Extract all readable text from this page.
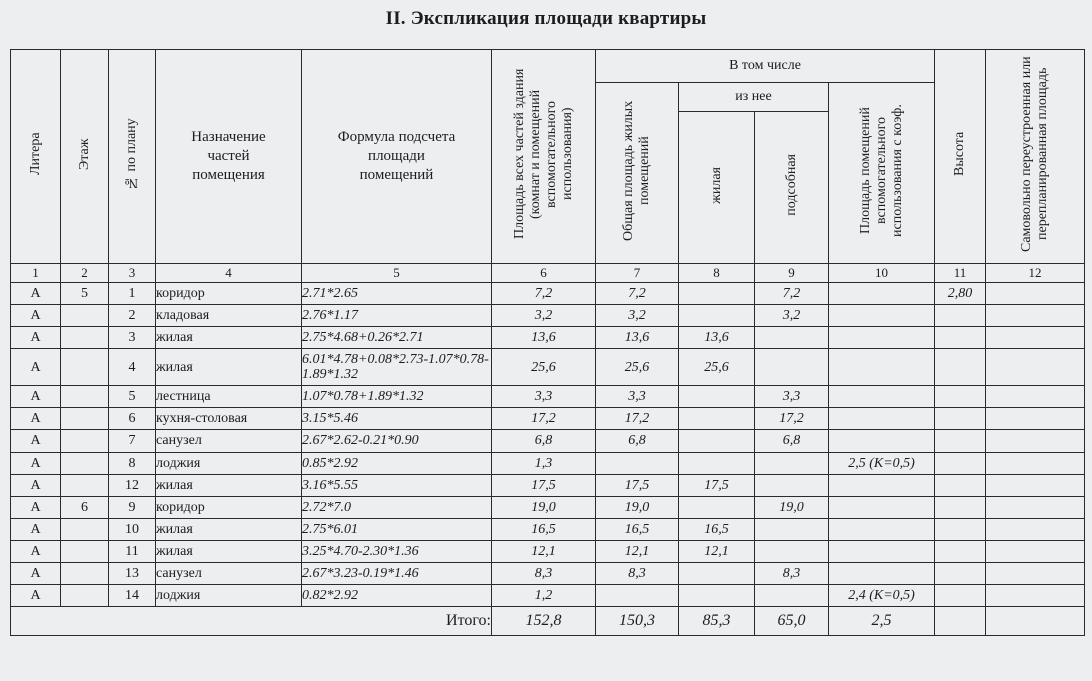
II. Экспликация площади квартиры
Литера	Этаж	№ по плану	Назначение частей помещения	Формула подсчета площади помещений	Площадь всех частей здания (комнат и помещений вспомогательного использования)	В том числе				Высота	Самовольно переустроенная или перепланированная площадь
						Общая площадь жилых помещений	из нее		Площадь помещений вспомогательного использования с коэф.		
							жилая	подсобная			
1	2	3	4	5	6	7	8	9	10	11	12
А	5	1	коридор	2.71*2.65	7,2	7,2		7,2		2,80	
А		2	кладовая	2.76*1.17	3,2	3,2		3,2			
А		3	жилая	2.75*4.68+0.26*2.71	13,6	13,6	13,6				
А		4	жилая	6.01*4.78+0.08*2.73-1.07*0.78-1.89*1.32	25,6	25,6	25,6				
А		5	лестница	1.07*0.78+1.89*1.32	3,3	3,3		3,3			
А		6	кухня-столовая	3.15*5.46	17,2	17,2		17,2			
А		7	санузел	2.67*2.62-0.21*0.90	6,8	6,8		6,8			
А		8	лоджия	0.85*2.92	1,3				2,5 (K=0,5)		
А		12	жилая	3.16*5.55	17,5	17,5	17,5				
А	6	9	коридор	2.72*7.0	19,0	19,0		19,0			
А		10	жилая	2.75*6.01	16,5	16,5	16,5				
А		11	жилая	3.25*4.70-2.30*1.36	12,1	12,1	12,1				
А		13	санузел	2.67*3.23-0.19*1.46	8,3	8,3		8,3			
А		14	лоджия	0.82*2.92	1,2				2,4 (K=0,5)		
Итого:					152,8	150,3	85,3	65,0	2,5		
